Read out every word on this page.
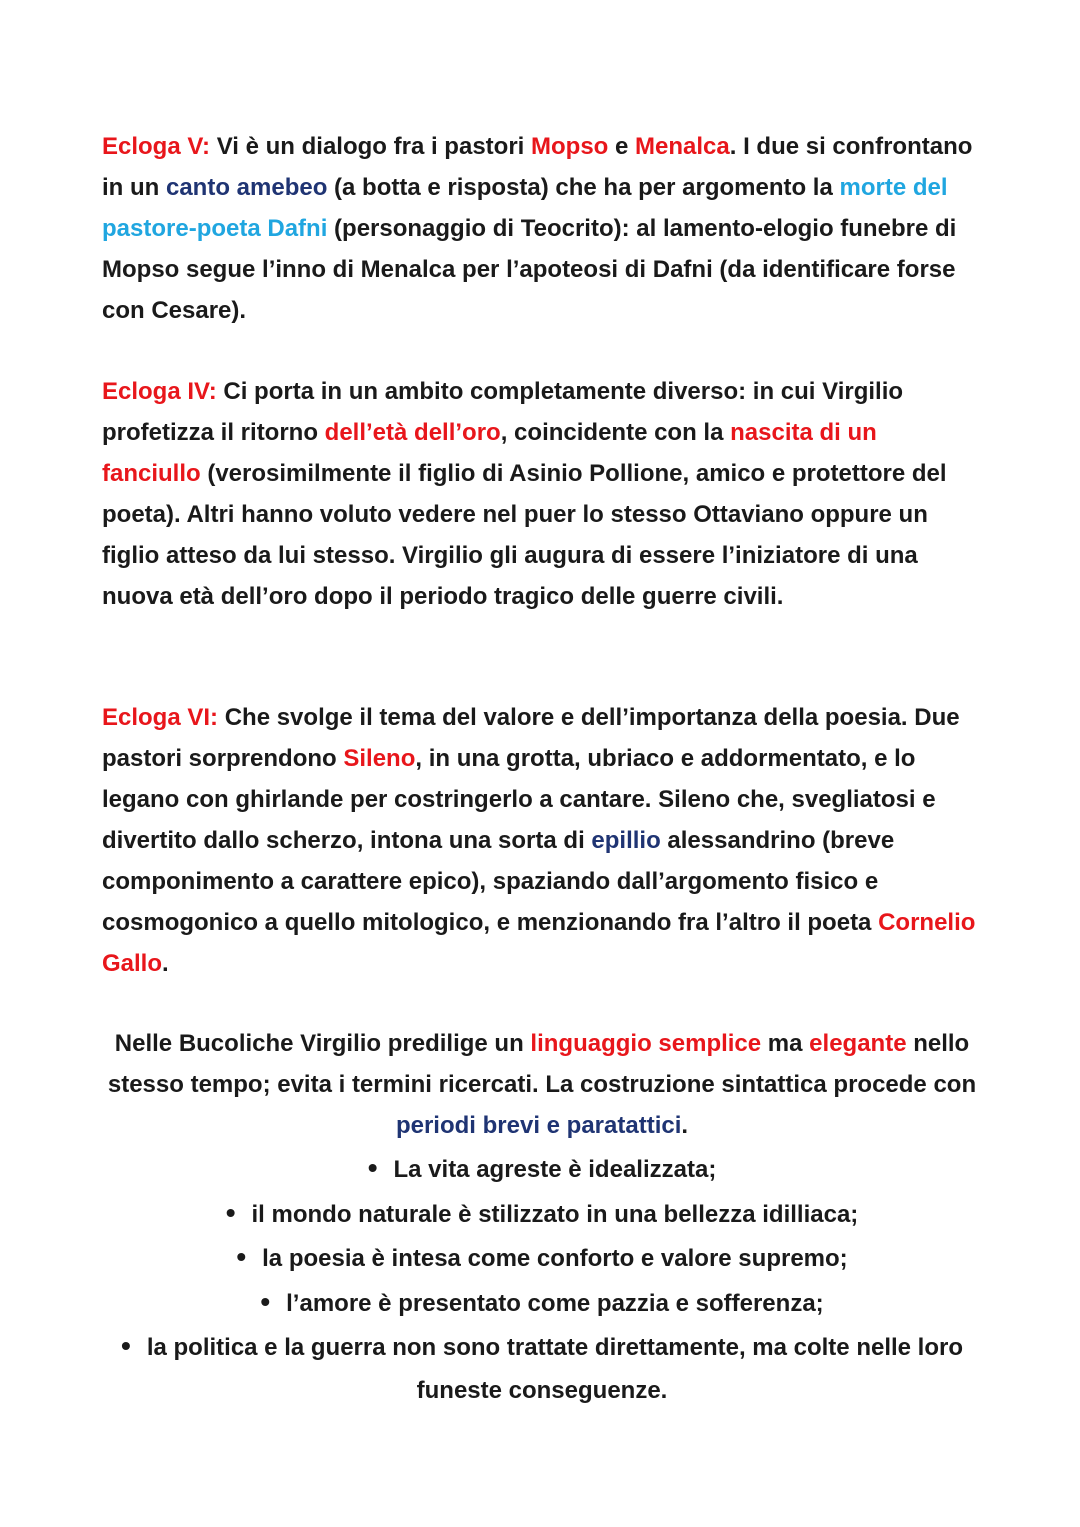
Ecloga V: Vi è un dialogo fra i pastori Mopso e Menalca. I due si confrontano in un canto amebeo (a botta e risposta) che ha per argomento la morte del pastore-poeta Dafni (personaggio di Teocrito): al lamento-elogio funebre di Mopso segue l’inno di Menalca per l’apoteosi di Dafni (da identificare forse con Cesare).

Ecloga IV: Ci porta in un ambito completamente diverso: in cui Virgilio profetizza il ritorno dell’età dell’oro, coincidente con la nascita di un fanciullo (verosimilmente il figlio di Asinio Pollione, amico e protettore del poeta). Altri hanno voluto vedere nel puer lo stesso Ottaviano oppure un figlio atteso da lui stesso. Virgilio gli augura di essere l’iniziatore di una nuova età dell’oro dopo il periodo tragico delle guerre civili.

Ecloga VI: Che svolge il tema del valore e dell’importanza della poesia. Due pastori sorprendono Sileno, in una grotta, ubriaco e addormentato, e lo legano con ghirlande per costringerlo a cantare. Sileno che, svegliatosi e divertito dallo scherzo, intona una sorta di epillio alessandrino (breve componimento a carattere epico), spaziando dall’argomento fisico e cosmogonico a quello mitologico, e menzionando fra l’altro il poeta Cornelio Gallo.

Nelle Bucoliche Virgilio predilige un linguaggio semplice ma elegante nello stesso tempo; evita i termini ricercati. La costruzione sintattica procede con periodi brevi e paratattici.

• La vita agreste è idealizzata;
• il mondo naturale è stilizzato in una bellezza idilliaca;
• la poesia è intesa come conforto e valore supremo;
• l’amore è presentato come pazzia e sofferenza;
• la politica e la guerra non sono trattate direttamente, ma colte nelle loro funeste conseguenze.
